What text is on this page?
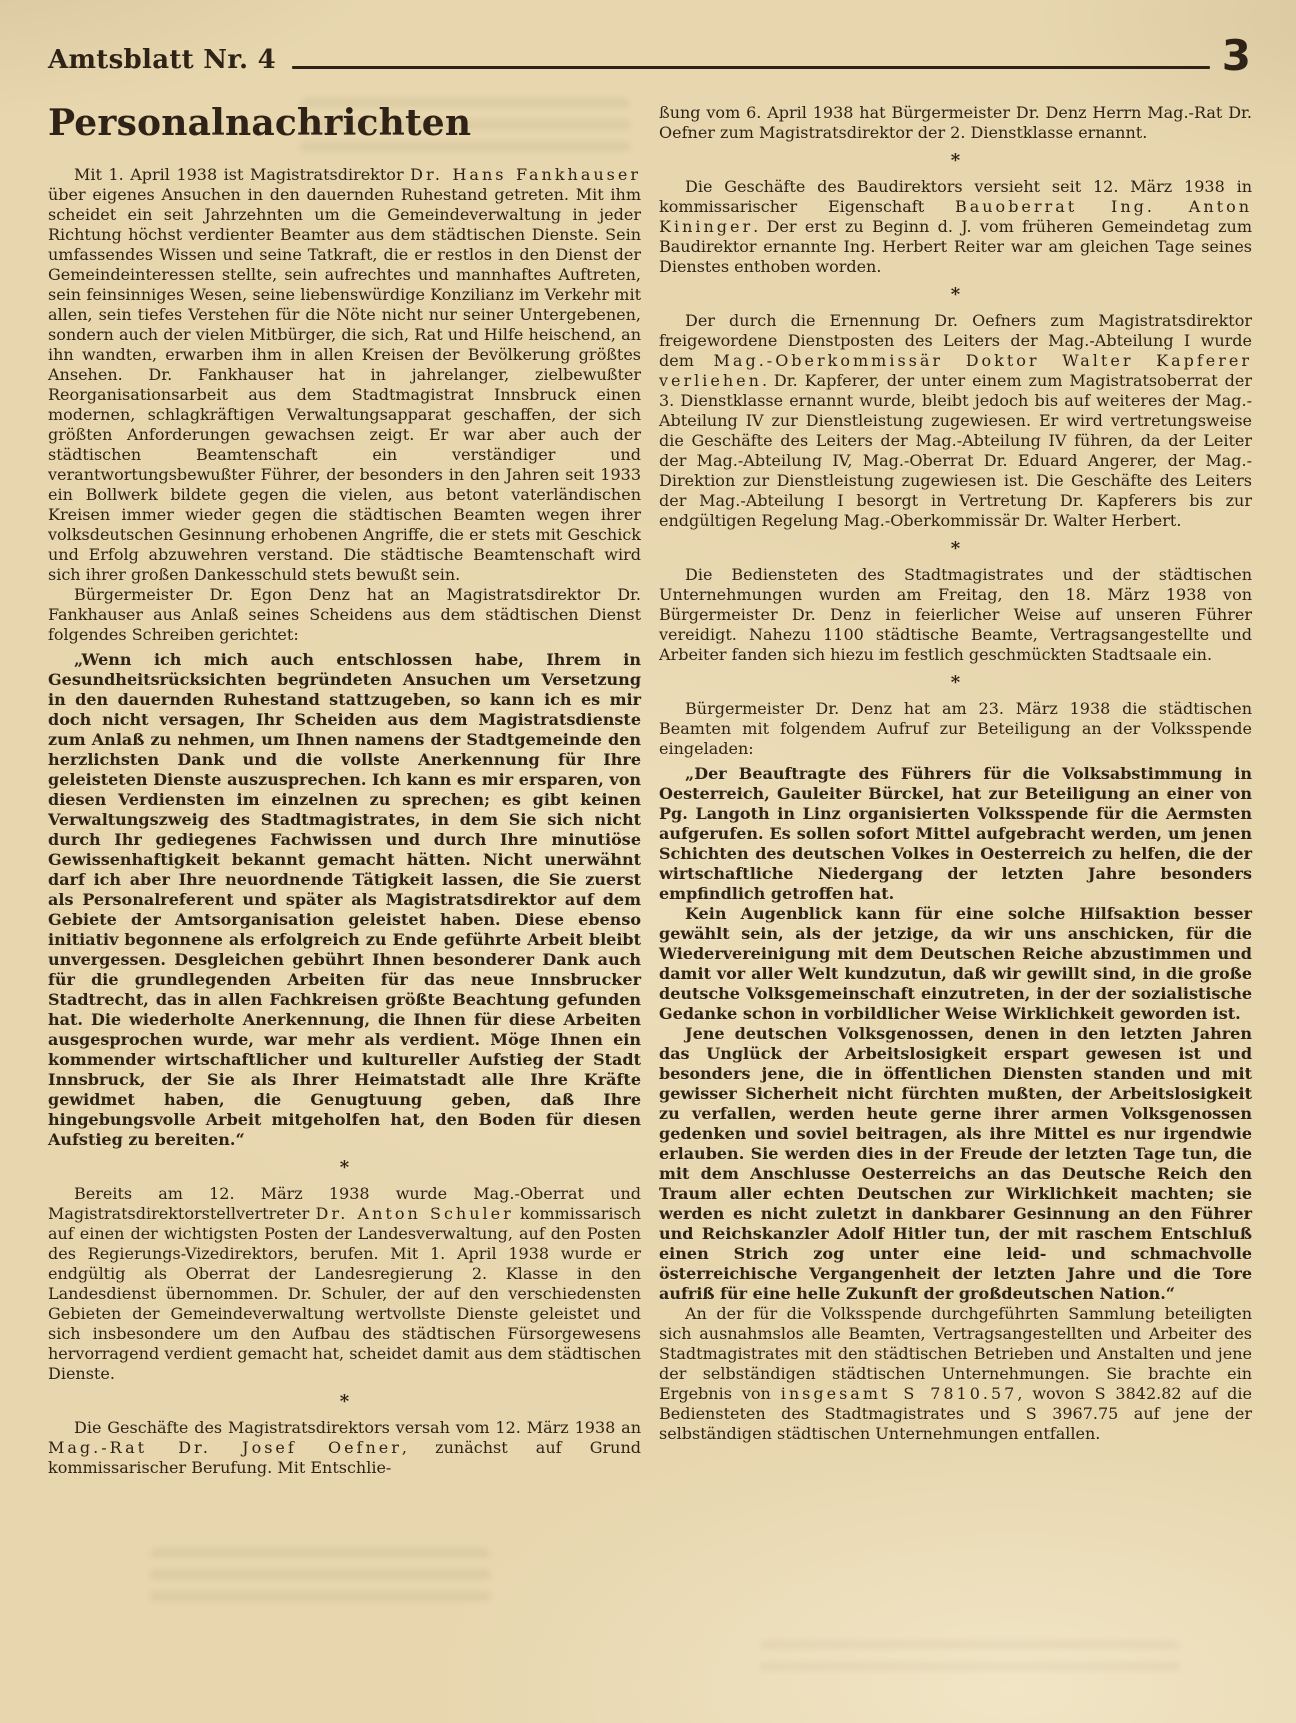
Amtsblatt Nr. 4	3
Personalnachrichten

Mit 1. April 1938 ist Magistratsdirektor Dr. Hans Fankhauser über eigenes Ansuchen in den dauernden Ruhestand getreten. Mit ihm scheidet ein seit Jahrzehnten um die Gemeindeverwaltung in jeder Richtung höchst verdienter Beamter aus dem städtischen Dienste. Sein umfassendes Wissen und seine Tatkraft, die er restlos in den Dienst der Gemeindeinteressen stellte, sein aufrechtes und mannhaftes Auftreten, sein feinsinniges Wesen, seine liebenswürdige Konzilianz im Verkehr mit allen, sein tiefes Verstehen für die Nöte nicht nur seiner Untergebenen, sondern auch der vielen Mitbürger, die sich, Rat und Hilfe heischend, an ihn wandten, erwarben ihm in allen Kreisen der Bevölkerung größtes Ansehen. Dr. Fankhauser hat in jahrelanger, zielbewußter Reorganisationsarbeit aus dem Stadtmagistrat Innsbruck einen modernen, schlagkräftigen Verwaltungsapparat geschaffen, der sich größten Anforderungen gewachsen zeigt. Er war aber auch der städtischen Beamtenschaft ein verständiger und verantwortungsbewußter Führer, der besonders in den Jahren seit 1933 ein Bollwerk bildete gegen die vielen, aus betont vaterländischen Kreisen immer wieder gegen die städtischen Beamten wegen ihrer volksdeutschen Gesinnung erhobenen Angriffe, die er stets mit Geschick und Erfolg abzuwehren verstand. Die städtische Beamtenschaft wird sich ihrer großen Dankesschuld stets bewußt sein.

Bürgermeister Dr. Egon Denz hat an Magistratsdirektor Dr. Fankhauser aus Anlaß seines Scheidens aus dem städtischen Dienst folgendes Schreiben gerichtet:

„Wenn ich mich auch entschlossen habe, Ihrem in Gesundheitsrücksichten begründeten Ansuchen um Versetzung in den dauernden Ruhestand stattzugeben, so kann ich es mir doch nicht versagen, Ihr Scheiden aus dem Magistratsdienste zum Anlaß zu nehmen, um Ihnen namens der Stadtgemeinde den herzlichsten Dank und die vollste Anerkennung für Ihre geleisteten Dienste auszusprechen. Ich kann es mir ersparen, von diesen Verdiensten im einzelnen zu sprechen; es gibt keinen Verwaltungszweig des Stadtmagistrates, in dem Sie sich nicht durch Ihr gediegenes Fachwissen und durch Ihre minutiöse Gewissenhaftigkeit bekannt gemacht hätten. Nicht unerwähnt darf ich aber Ihre neuordnende Tätigkeit lassen, die Sie zuerst als Personalreferent und später als Magistratsdirektor auf dem Gebiete der Amtsorganisation geleistet haben. Diese ebenso initiativ begonnene als erfolgreich zu Ende geführte Arbeit bleibt unvergessen. Desgleichen gebührt Ihnen besonderer Dank auch für die grundlegenden Arbeiten für das neue Innsbrucker Stadtrecht, das in allen Fachkreisen größte Beachtung gefunden hat. Die wiederholte Anerkennung, die Ihnen für diese Arbeiten ausgesprochen wurde, war mehr als verdient. Möge Ihnen ein kommender wirtschaftlicher und kultureller Aufstieg der Stadt Innsbruck, der Sie als Ihrer Heimatstadt alle Ihre Kräfte gewidmet haben, die Genugtuung geben, daß Ihre hingebungsvolle Arbeit mitgeholfen hat, den Boden für diesen Aufstieg zu bereiten.“

*

Bereits am 12. März 1938 wurde Mag.-Oberrat und Magistratsdirektorstellvertreter Dr. Anton Schuler kommissarisch auf einen der wichtigsten Posten der Landesverwaltung, auf den Posten des Regierungs-Vizedirektors, berufen. Mit 1. April 1938 wurde er endgültig als Oberrat der Landesregierung 2. Klasse in den Landesdienst übernommen. Dr. Schuler, der auf den verschiedensten Gebieten der Gemeindeverwaltung wertvollste Dienste geleistet und sich insbesondere um den Aufbau des städtischen Fürsorgewesens hervorragend verdient gemacht hat, scheidet damit aus dem städtischen Dienste.

*

Die Geschäfte des Magistratsdirektors versah vom 12. März 1938 an Mag.-Rat Dr. Josef Oefner, zunächst auf Grund kommissarischer Berufung. Mit Entschlie-

ßung vom 6. April 1938 hat Bürgermeister Dr. Denz Herrn Mag.-Rat Dr. Oefner zum Magistratsdirektor der 2. Dienstklasse ernannt.

*

Die Geschäfte des Baudirektors versieht seit 12. März 1938 in kommissarischer Eigenschaft Bauoberrat Ing. Anton Kininger. Der erst zu Beginn d. J. vom früheren Gemeindetag zum Baudirektor ernannte Ing. Herbert Reiter war am gleichen Tage seines Dienstes enthoben worden.

*

Der durch die Ernennung Dr. Oefners zum Magistratsdirektor freigewordene Dienstposten des Leiters der Mag.-Abteilung I wurde dem Mag.-Oberkommissär Doktor Walter Kapferer verliehen. Dr. Kapferer, der unter einem zum Magistratsoberrat der 3. Dienstklasse ernannt wurde, bleibt jedoch bis auf weiteres der Mag.-Abteilung IV zur Dienstleistung zugewiesen. Er wird vertretungsweise die Geschäfte des Leiters der Mag.-Abteilung IV führen, da der Leiter der Mag.-Abteilung IV, Mag.-Oberrat Dr. Eduard Angerer, der Mag.-Direktion zur Dienstleistung zugewiesen ist. Die Geschäfte des Leiters der Mag.-Abteilung I besorgt in Vertretung Dr. Kapferers bis zur endgültigen Regelung Mag.-Oberkommissär Dr. Walter Herbert.

*

Die Bediensteten des Stadtmagistrates und der städtischen Unternehmungen wurden am Freitag, den 18. März 1938 von Bürgermeister Dr. Denz in feierlicher Weise auf unseren Führer vereidigt. Nahezu 1100 städtische Beamte, Vertragsangestellte und Arbeiter fanden sich hiezu im festlich geschmückten Stadtsaale ein.

*

Bürgermeister Dr. Denz hat am 23. März 1938 die städtischen Beamten mit folgendem Aufruf zur Beteiligung an der Volksspende eingeladen:

„Der Beauftragte des Führers für die Volksabstimmung in Oesterreich, Gauleiter Bürckel, hat zur Beteiligung an einer von Pg. Langoth in Linz organisierten Volksspende für die Aermsten aufgerufen. Es sollen sofort Mittel aufgebracht werden, um jenen Schichten des deutschen Volkes in Oesterreich zu helfen, die der wirtschaftliche Niedergang der letzten Jahre besonders empfindlich getroffen hat.

Kein Augenblick kann für eine solche Hilfsaktion besser gewählt sein, als der jetzige, da wir uns anschicken, für die Wiedervereinigung mit dem Deutschen Reiche abzustimmen und damit vor aller Welt kundzutun, daß wir gewillt sind, in die große deutsche Volksgemeinschaft einzutreten, in der der sozialistische Gedanke schon in vorbildlicher Weise Wirklichkeit geworden ist.

Jene deutschen Volksgenossen, denen in den letzten Jahren das Unglück der Arbeitslosigkeit erspart gewesen ist und besonders jene, die in öffentlichen Diensten standen und mit gewisser Sicherheit nicht fürchten mußten, der Arbeitslosigkeit zu verfallen, werden heute gerne ihrer armen Volksgenossen gedenken und soviel beitragen, als ihre Mittel es nur irgendwie erlauben. Sie werden dies in der Freude der letzten Tage tun, die mit dem Anschlusse Oesterreichs an das Deutsche Reich den Traum aller echten Deutschen zur Wirklichkeit machten; sie werden es nicht zuletzt in dankbarer Gesinnung an den Führer und Reichskanzler Adolf Hitler tun, der mit raschem Entschluß einen Strich zog unter eine leid- und schmachvolle österreichische Vergangenheit der letzten Jahre und die Tore aufriß für eine helle Zukunft der großdeutschen Nation.“

An der für die Volksspende durchgeführten Sammlung beteiligten sich ausnahmslos alle Beamten, Vertragsangestellten und Arbeiter des Stadtmagistrates mit den städtischen Betrieben und Anstalten und jene der selbständigen städtischen Unternehmungen. Sie brachte ein Ergebnis von insgesamt S 7810.57, wovon S 3842.82 auf die Bediensteten des Stadtmagistrates und S 3967.75 auf jene der selbständigen städtischen Unternehmungen entfallen.
